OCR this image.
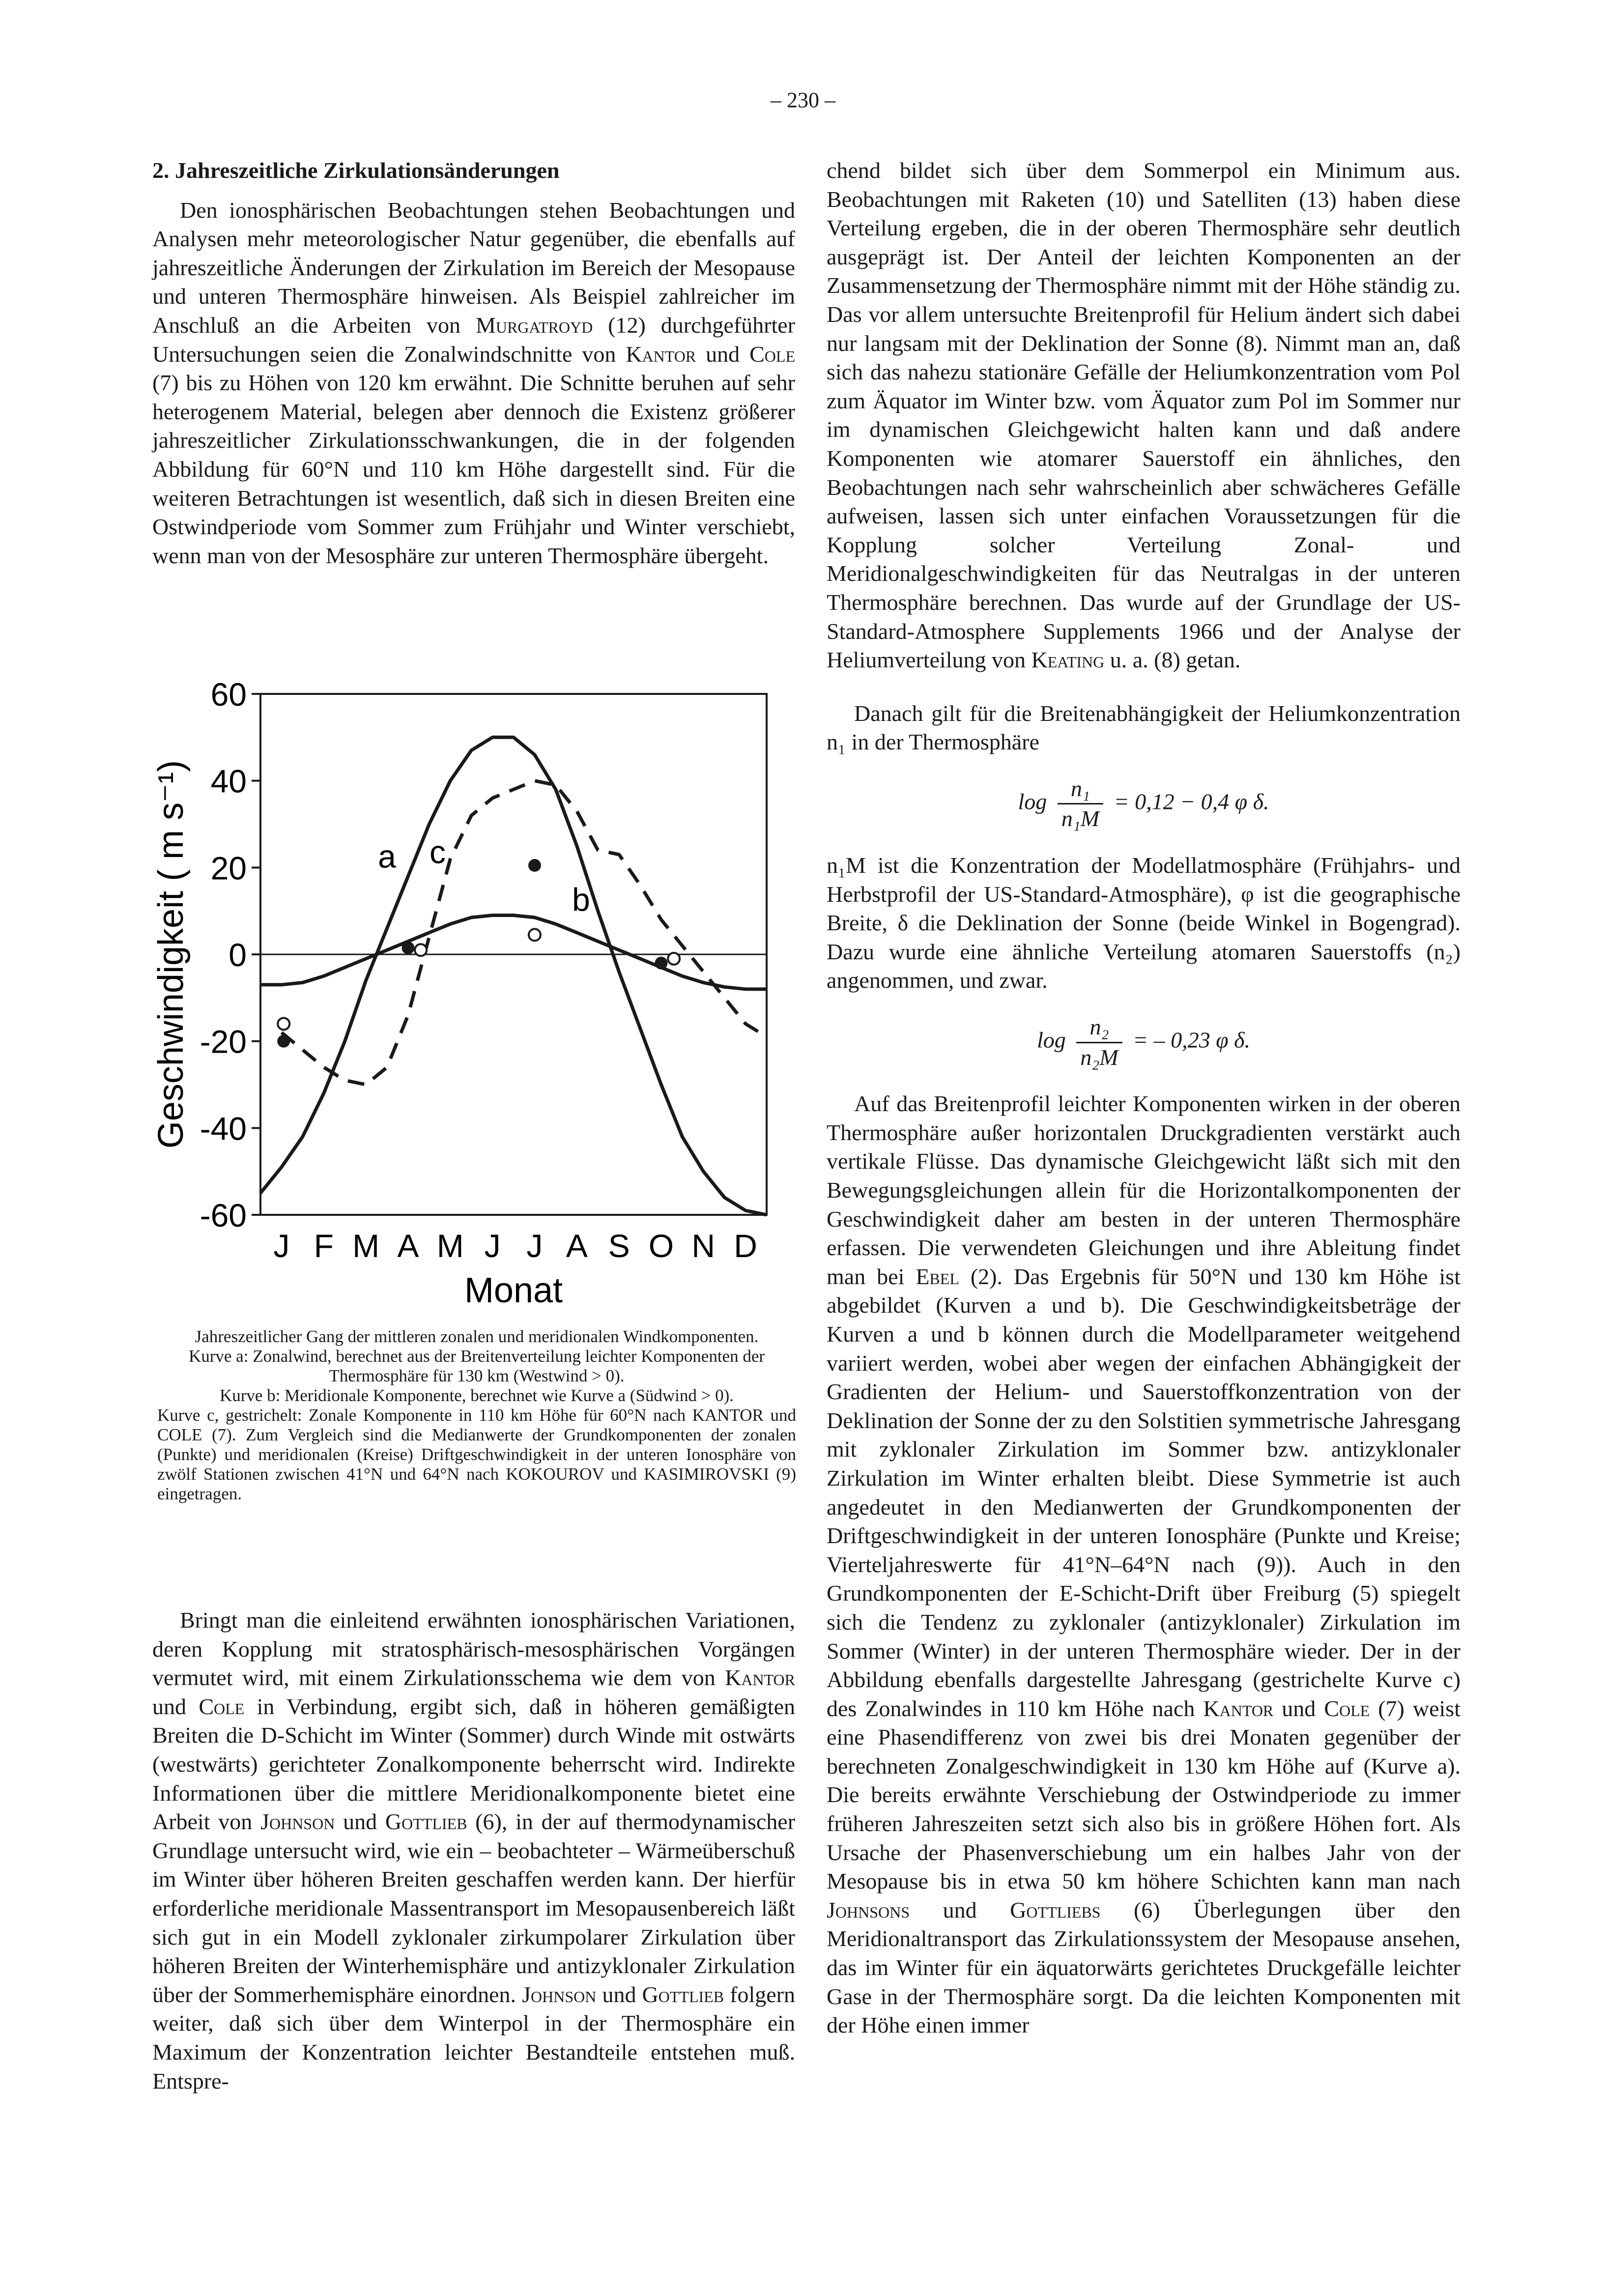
– 230 –

2. Jahreszeitliche Zirkulationsänderungen

Den ionosphärischen Beobachtungen stehen Beobachtungen und Analysen mehr meteorologischer Natur gegenüber, die ebenfalls auf jahreszeitliche Änderungen der Zirkulation im Bereich der Mesopause und unteren Thermosphäre hinweisen. Als Beispiel zahlreicher im Anschluß an die Arbeiten von Murgatroyd (12) durchgeführter Untersuchungen seien die Zonalwindschnitte von Kantor und Cole (7) bis zu Höhen von 120 km erwähnt. Die Schnitte beruhen auf sehr heterogenem Material, belegen aber dennoch die Existenz größerer jahreszeitlicher Zirkulationsschwankungen, die in der folgenden Abbildung für 60°N und 110 km Höhe dargestellt sind. Für die weiteren Betrachtungen ist wesentlich, daß sich in diesen Breiten eine Ostwindperiode vom Sommer zum Frühjahr und Winter verschiebt, wenn man von der Mesosphäre zur unteren Thermosphäre übergeht.

60
40
20
0
-20
-40
-60
J F M A M J J A S O N D
Monat
Geschwindigkeit ( m s⁻¹)	a
b
c

Jahreszeitlicher Gang der mittleren zonalen und meridionalen Windkomponenten.

Kurve a: Zonalwind, berechnet aus der Breitenverteilung leichter Komponenten der Thermosphäre für 130 km (Westwind > 0).

Kurve b: Meridionale Komponente, berechnet wie Kurve a (Südwind > 0).

Kurve c, gestrichelt: Zonale Komponente in 110 km Höhe für 60°N nach KANTOR und COLE (7). Zum Vergleich sind die Medianwerte der Grundkomponenten der zonalen (Punkte) und meridionalen (Kreise) Driftgeschwindigkeit in der unteren Ionosphäre von zwölf Stationen zwischen 41°N und 64°N nach KOKOUROV und KASIMIROVSKI (9) eingetragen.

Bringt man die einleitend erwähnten ionosphärischen Variationen, deren Kopplung mit stratosphärisch-mesosphärischen Vorgängen vermutet wird, mit einem Zirkulationsschema wie dem von Kantor und Cole in Verbindung, ergibt sich, daß in höheren gemäßigten Breiten die D-Schicht im Winter (Sommer) durch Winde mit ostwärts (westwärts) gerichteter Zonalkomponente beherrscht wird. Indirekte Informationen über die mittlere Meridionalkomponente bietet eine Arbeit von Johnson und Gottlieb (6), in der auf thermodynamischer Grundlage untersucht wird, wie ein – beobachteter – Wärmeüberschuß im Winter über höheren Breiten geschaffen werden kann. Der hierfür erforderliche meridionale Massentransport im Mesopausenbereich läßt sich gut in ein Modell zyklonaler zirkumpolarer Zirkulation über höheren Breiten der Winterhemisphäre und antizyklonaler Zirkulation über der Sommerhemisphäre einordnen. Johnson und Gottlieb folgern weiter, daß sich über dem Winterpol in der Thermosphäre ein Maximum der Konzentration leichter Bestandteile entstehen muß. Entspre-

chend bildet sich über dem Sommerpol ein Minimum aus. Beobachtungen mit Raketen (10) und Satelliten (13) haben diese Verteilung ergeben, die in der oberen Thermosphäre sehr deutlich ausgeprägt ist. Der Anteil der leichten Komponenten an der Zusammensetzung der Thermosphäre nimmt mit der Höhe ständig zu. Das vor allem untersuchte Breitenprofil für Helium ändert sich dabei nur langsam mit der Deklination der Sonne (8). Nimmt man an, daß sich das nahezu stationäre Gefälle der Heliumkonzentration vom Pol zum Äquator im Winter bzw. vom Äquator zum Pol im Sommer nur im dynamischen Gleichgewicht halten kann und daß andere Komponenten wie atomarer Sauerstoff ein ähnliches, den Beobachtungen nach sehr wahrscheinlich aber schwächeres Gefälle aufweisen, lassen sich unter einfachen Voraussetzungen für die Kopplung solcher Verteilung Zonal- und Meridionalgeschwindigkeiten für das Neutralgas in der unteren Thermosphäre berechnen. Das wurde auf der Grundlage der US-Standard-Atmosphere Supplements 1966 und der Analyse der Heliumverteilung von Keating u. a. (8) getan.

Danach gilt für die Breitenabhängigkeit der Heliumkonzentration n₁ in der Thermosphäre

$\log \frac{\text{n₁}}{\text{n₁M}} = 0,12 - 0,4$ φ δ.

n₁M ist die Konzentration der Modellatmosphäre (Frühjahrs- und Herbstprofil der US-Standard-Atmosphäre), φ ist die geographische Breite, δ die Deklination der Sonne (beide Winkel in Bogengrad). Dazu wurde eine ähnliche Verteilung atomaren Sauerstoffs (n₂) angenommen, und zwar.

$\log \frac{\text{n₂}}{\text{n₂M}}$ = – 0,23 φ δ.

Auf das Breitenprofil leichter Komponenten wirken in der oberen Thermosphäre außer horizontalen Druckgradienten verstärkt auch vertikale Flüsse. Das dynamische Gleichgewicht läßt sich mit den Bewegungsgleichungen allein für die Horizontalkomponenten der Geschwindigkeit daher am besten in der unteren Thermosphäre erfassen. Die verwendeten Gleichungen und ihre Ableitung findet man bei Ebel (2). Das Ergebnis für 50°N und 130 km Höhe ist abgebildet (Kurven a und b). Die Geschwindigkeitsbeträge der Kurven a und b können durch die Modellparameter weitgehend variiert werden, wobei aber wegen der einfachen Abhängigkeit der Gradienten der Helium- und Sauerstoffkonzentration von der Deklination der Sonne der zu den Solstitien symmetrische Jahresgang mit zyklonaler Zirkulation im Sommer bzw. antizyklonaler Zirkulation im Winter erhalten bleibt. Diese Symmetrie ist auch angedeutet in den Medianwerten der Grundkomponenten der Driftgeschwindigkeit in der unteren Ionosphäre (Punkte und Kreise; Vierteljahreswerte für 41°N–64°N nach (9)). Auch in den Grundkomponenten der E-Schicht-Drift über Freiburg (5) spiegelt sich die Tendenz zu zyklonaler (antizyklonaler) Zirkulation im Sommer (Winter) in der unteren Thermosphäre wieder. Der in der Abbildung ebenfalls dargestellte Jahresgang (gestrichelte Kurve c) des Zonalwindes in 110 km Höhe nach Kantor und Cole (7) weist eine Phasendifferenz von zwei bis drei Monaten gegenüber der berechneten Zonalgeschwindigkeit in 130 km Höhe auf (Kurve a). Die bereits erwähnte Verschiebung der Ostwindperiode zu immer früheren Jahreszeiten setzt sich also bis in größere Höhen fort. Als Ursache der Phasenverschiebung um ein halbes Jahr von der Mesopause bis in etwa 50 km höhere Schichten kann man nach Johnsons und Gottliebs (6) Überlegungen über den Meridionaltransport das Zirkulationssystem der Mesopause ansehen, das im Winter für ein äquatorwärts gerichtetes Druckgefälle leichter Gase in der Thermosphäre sorgt. Da die leichten Komponenten mit der Höhe einen immer
